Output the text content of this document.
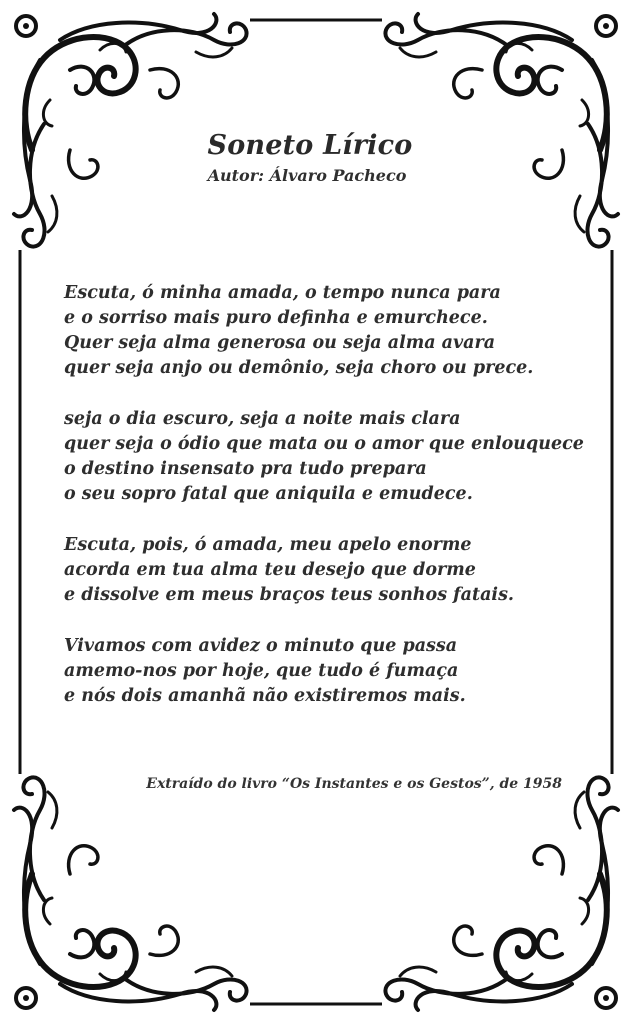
Soneto Lírico
Autor: Álvaro Pacheco
Escuta, ó minha amada, o tempo nunca para
e o sorriso mais puro definha e emurchece.
Quer seja alma generosa ou seja alma avara
quer seja anjo ou demônio, seja choro ou prece.
seja o dia escuro, seja a noite mais clara
quer seja o ódio que mata ou o amor que enlouquece
o destino insensato pra tudo prepara
o seu sopro fatal que aniquila e emudece.
Escuta, pois, ó amada, meu apelo enorme
acorda em tua alma teu desejo que dorme
e dissolve em meus braços teus sonhos fatais.
Vivamos com avidez o minuto que passa
amemo-nos por hoje, que tudo é fumaça
e nós dois amanhã não existiremos mais.
Extraído do livro “Os Instantes e os Gestos”, de 1958
